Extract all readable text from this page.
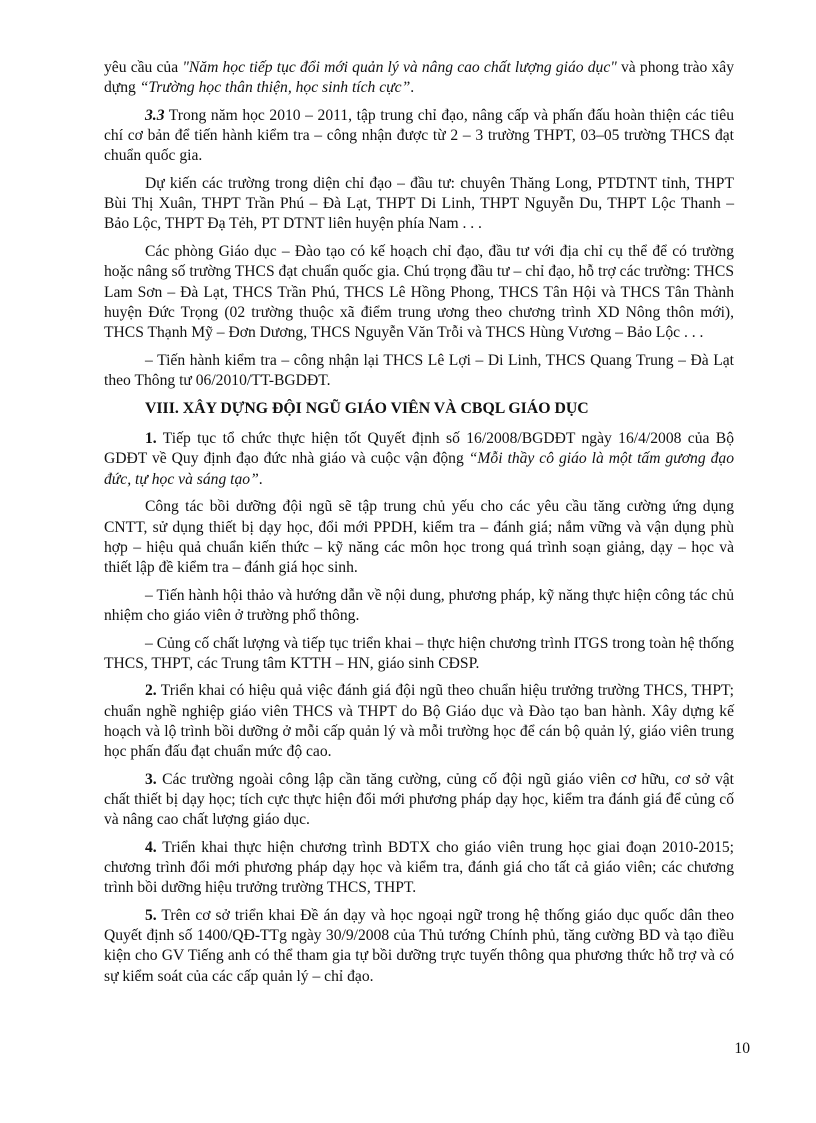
yêu cầu của "Năm học tiếp tục đổi mới quản lý và nâng cao chất lượng giáo dục" và phong trào xây dựng “Trường học thân thiện, học sinh tích cực”.

3.3 Trong năm học 2010 – 2011, tập trung chỉ đạo, nâng cấp và phấn đấu hoàn thiện các tiêu chí cơ bản để tiến hành kiểm tra – công nhận được từ 2 – 3 trường THPT, 03–05 trường THCS đạt chuẩn quốc gia.

Dự kiến các trường trong diện chỉ đạo – đầu tư: chuyên Thăng Long, PTDTNT tỉnh, THPT Bùi Thị Xuân, THPT Trần Phú – Đà Lạt, THPT Di Linh, THPT Nguyễn Du, THPT Lộc Thanh – Bảo Lộc, THPT Đạ Tẻh, PT DTNT liên huyện phía Nam . . .

Các phòng Giáo dục – Đào tạo có kế hoạch chỉ đạo, đầu tư với địa chỉ cụ thể để có trường hoặc nâng số trường THCS đạt chuẩn quốc gia. Chú trọng đầu tư – chỉ đạo, hỗ trợ các trường: THCS Lam Sơn – Đà Lạt, THCS Trần Phú, THCS Lê Hồng Phong, THCS Tân Hội và THCS Tân Thành huyện Đức Trọng (02 trường thuộc xã điểm trung ương theo chương trình XD Nông thôn mới), THCS Thạnh Mỹ – Đơn Dương, THCS Nguyễn Văn Trỗi và THCS Hùng Vương – Bảo Lộc . . .

– Tiến hành kiểm tra – công nhận lại THCS Lê Lợi – Di Linh, THCS Quang Trung – Đà Lạt theo Thông tư 06/2010/TT-BGDĐT.

VIII. XÂY DỰNG ĐỘI NGŨ GIÁO VIÊN VÀ CBQL GIÁO DỤC

1. Tiếp tục tổ chức thực hiện tốt Quyết định số 16/2008/BGDĐT ngày 16/4/2008 của Bộ GDĐT về Quy định đạo đức nhà giáo và cuộc vận động “Mỗi thầy cô giáo là một tấm gương đạo đức, tự học và sáng tạo”.

Công tác bồi dưỡng đội ngũ sẽ tập trung chủ yếu cho các yêu cầu tăng cường ứng dụng CNTT, sử dụng thiết bị dạy học, đổi mới PPDH, kiểm tra – đánh giá; nắm vững và vận dụng phù hợp – hiệu quả chuẩn kiến thức – kỹ năng các môn học trong quá trình soạn giảng, dạy – học và thiết lập đề kiểm tra – đánh giá học sinh.

– Tiến hành hội thảo và hướng dẫn về nội dung, phương pháp, kỹ năng thực hiện công tác chủ nhiệm cho giáo viên ở trường phổ thông.

– Củng cố chất lượng và tiếp tục triển khai – thực hiện chương trình ITGS trong toàn hệ thống THCS, THPT, các Trung tâm KTTH – HN, giáo sinh CĐSP.

2. Triển khai có hiệu quả việc đánh giá đội ngũ theo chuẩn hiệu trưởng trường THCS, THPT; chuẩn nghề nghiệp giáo viên THCS và THPT do Bộ Giáo dục và Đào tạo ban hành. Xây dựng kế hoạch và lộ trình bồi dưỡng ở mỗi cấp quản lý và mỗi trường học để cán bộ quản lý, giáo viên trung học phấn đấu đạt chuẩn mức độ cao.

3. Các trường ngoài công lập cần tăng cường, củng cố đội ngũ giáo viên cơ hữu, cơ sở vật chất thiết bị dạy học; tích cực thực hiện đổi mới phương pháp dạy học, kiểm tra đánh giá để củng cố và nâng cao chất lượng giáo dục.

4. Triển khai thực hiện chương trình BDTX cho giáo viên trung học giai đoạn 2010-2015; chương trình đổi mới phương pháp dạy học và kiểm tra, đánh giá cho tất cả giáo viên; các chương trình bồi dưỡng hiệu trưởng trường THCS, THPT.

5. Trên cơ sở triển khai Đề án dạy và học ngoại ngữ trong hệ thống giáo dục quốc dân theo Quyết định số 1400/QĐ-TTg ngày 30/9/2008 của Thủ tướng Chính phủ, tăng cường BD và tạo điều kiện cho GV Tiếng anh có thể tham gia tự bồi dưỡng trực tuyến thông qua phương thức hỗ trợ và có sự kiểm soát của các cấp quản lý – chỉ đạo.

10
